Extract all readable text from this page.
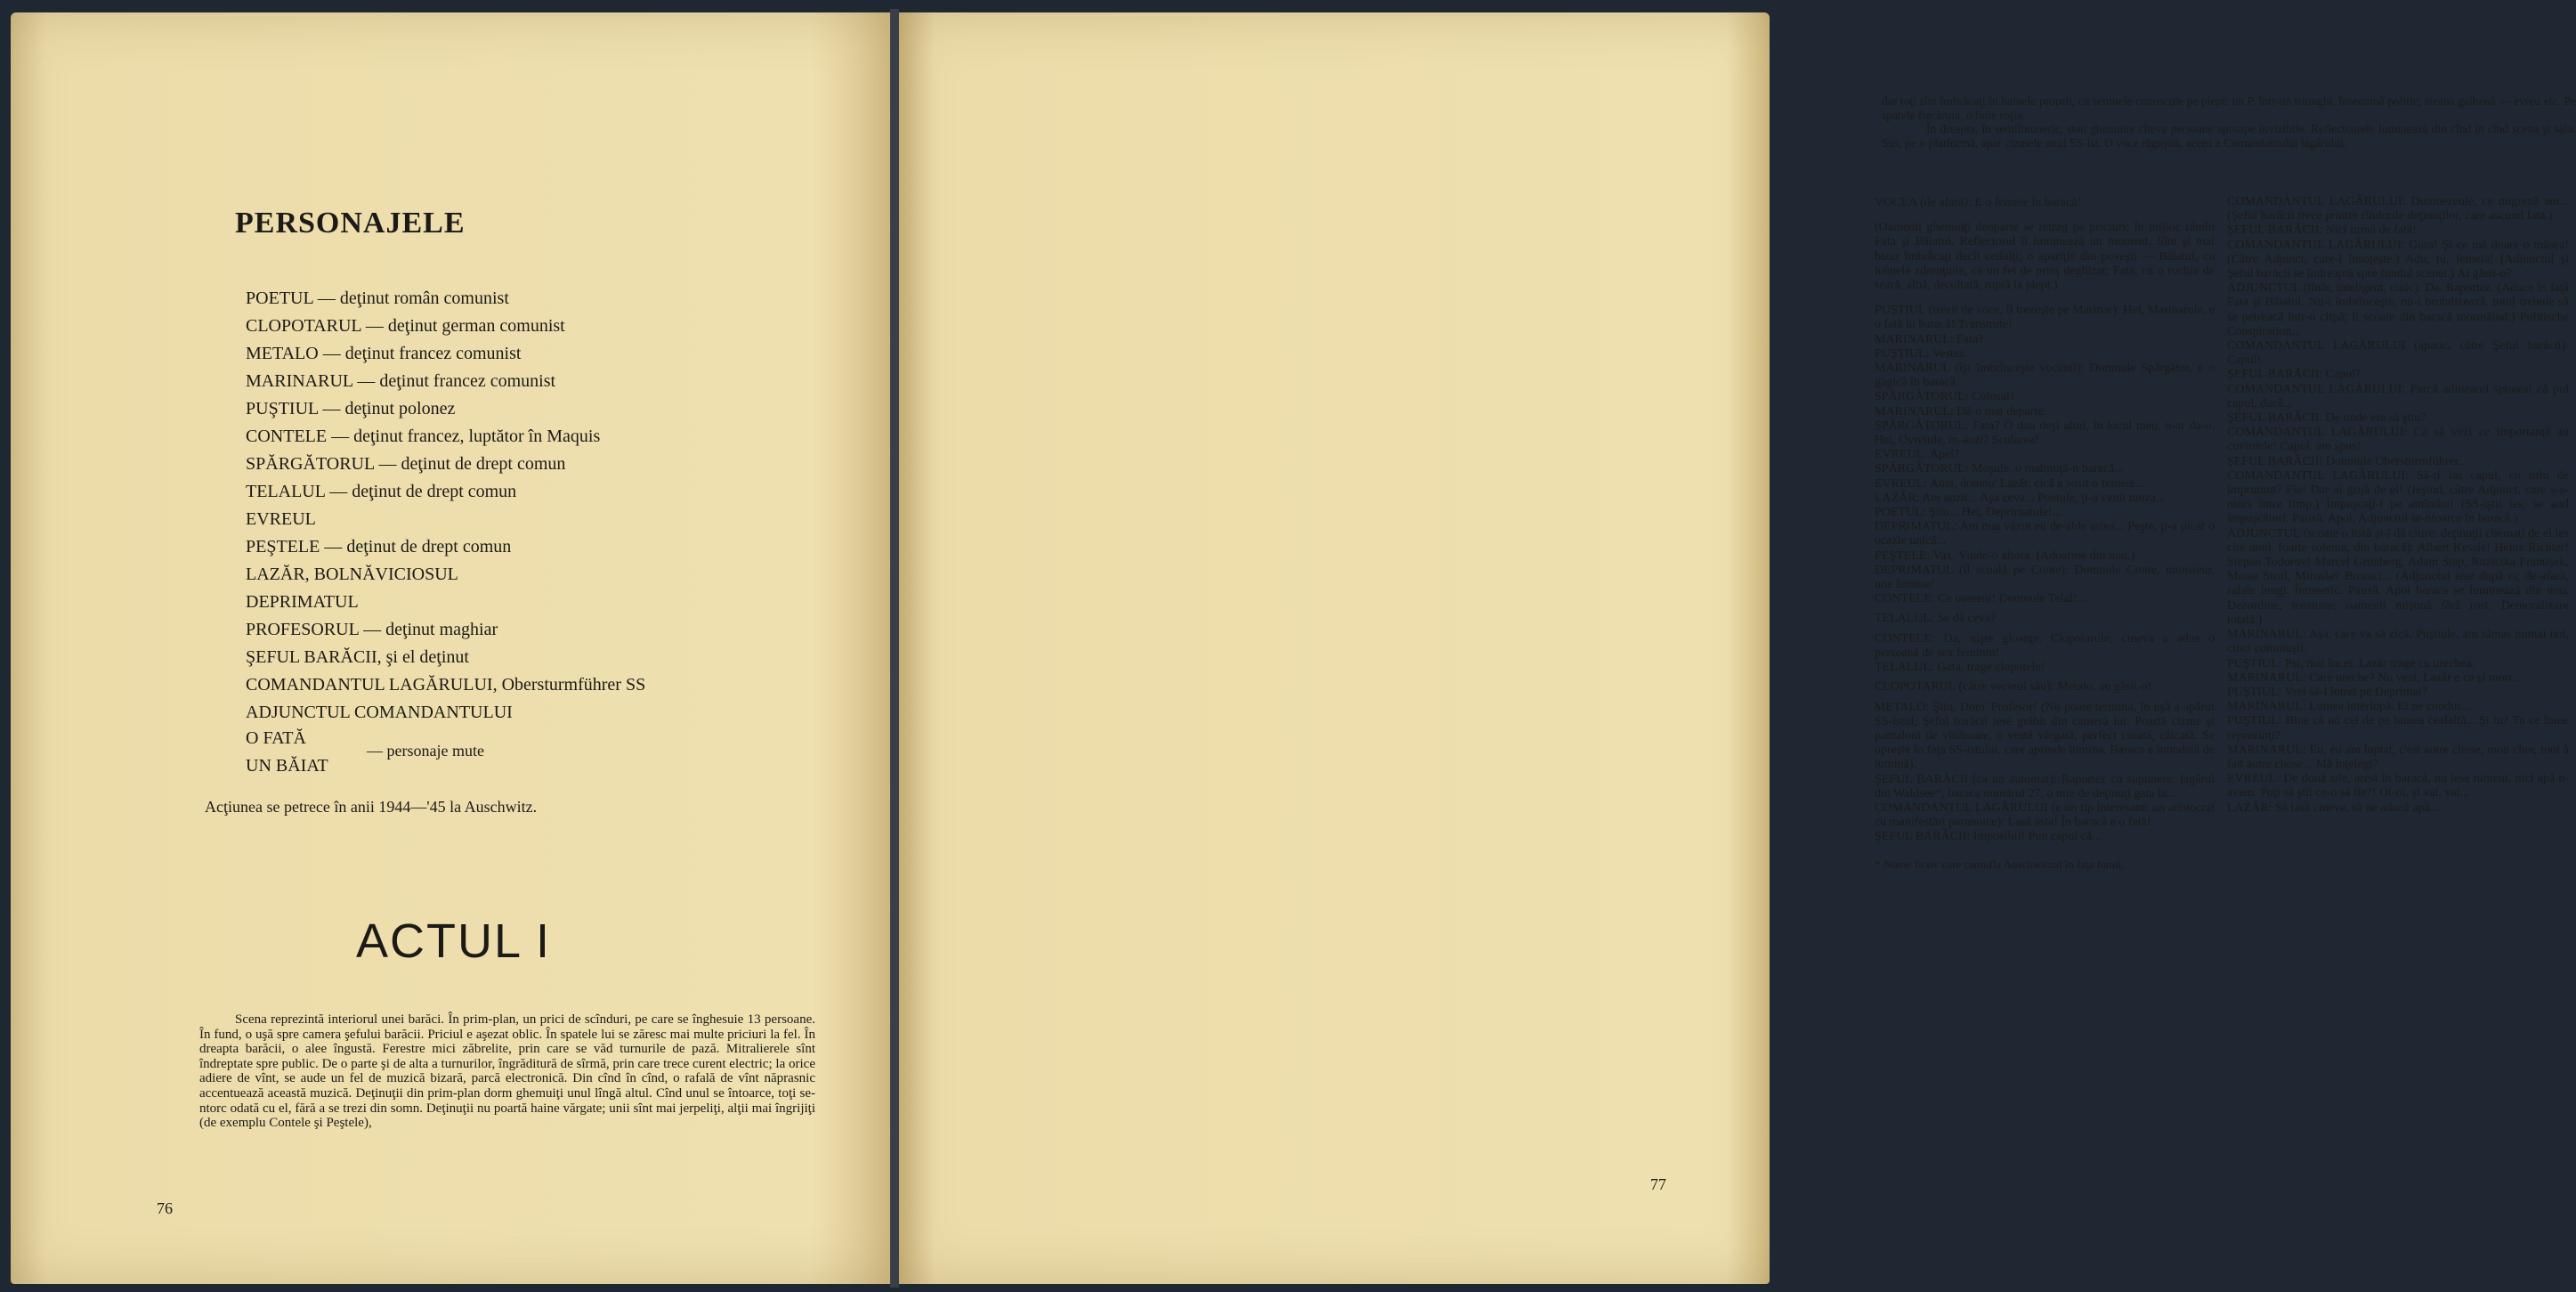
PERSONAJELE
POETUL — deţinut român comunist
CLOPOTARUL — deţinut german comunist
METALO — deţinut francez comunist
MARINARUL — deţinut francez comunist
PUŞTIUL — deţinut polonez
CONTELE — deţinut francez, luptător în Maquis
SPĂRGĂTORUL — deţinut de drept comun
TELALUL — deţinut de drept comun
EVREUL
PEŞTELE — deţinut de drept comun
LAZĂR, BOLNĂVICIOSUL
DEPRIMATUL
PROFESORUL — deţinut maghiar
ŞEFUL BARĂCII, şi el deţinut
COMANDANTUL LAGĂRULUI, Obersturmführer SS
ADJUNCTUL COMANDANTULUI
O FATĂ
UN BĂIAT
— personaje mute

Acţiunea se petrece în anii 1944—'45 la Auschwitz.

ACTUL I

Scena reprezintă interiorul unei barăci. În prim-plan, un prici de scînduri, pe care se înghesuie 13 persoane. În fund, o uşă spre camera şefului barăcii. Priciul e aşezat oblic. În spatele lui se zăresc mai multe priciuri la fel. În dreapta barăcii, o alee îngustă. Ferestre mici zăbrelite, prin care se văd turnurile de pază. Mitralierele sînt îndreptate spre public. De o parte şi de alta a turnurilor, îngrăditură de sîrmă, prin care trece curent electric; la orice adiere de vînt, se aude un fel de muzică bizară, parcă electronică. Din cînd în cînd, o rafală de vînt năprasnic accentuează această muzică. Deţinuţii din prim-plan dorm ghemuiţi unul lîngă altul. Cînd unul se întoarce, toţi se-ntorc odată cu el, fără a se trezi din somn. Deţinuţii nu poartă haine vărgate; unii sînt mai jerpeliţi, alţii mai îngrijiţi (de exemplu Contele şi Peştele),

76

dar toţi sînt îmbrăcaţi în hainele proprii, cu semnele cunoscute pe piept: un P, într-un triunghi, înseamnă politic; steaua galbenă — evreu etc. Pe spatele fiecăruia, o linie roşie.

În dreapta, în semiîntuneric, stau ghemuite cîteva persoane aproape invizibile. Reflectoarele luminează din cînd în cînd scena şi sala. Sus, pe o platformă, apar cizmele unui SS-ist. O voce răguşită, aceea a Comandantului lagărului.

VOCEA (de afară): E o femeie în baracă!

(Oamenii ghemuiţi deoparte se retrag pe priciuri; în mijloc rămîn Fata şi Băiatul. Reflectorul îi luminează un moment. Sînt şi mai bizar îmbrăcaţi decît ceilalţi; o apariţie din poveşti — Băiatul, cu hainele zdrenţuite, ca un fel de prinţ deghizat; Fata, cu o rochie de seară, albă, decoltată, ruptă la piept.)

PUŞTIUL (trezit de voce, îl trezeşte pe Marinar): Hei, Marinarule, e o fată în baracă! Transmite!

MARINARUL: Fata?

PUŞTIUL: Vestea.

MARINARUL (îşi îmbrînceşte vecinul): Domnule Spărgător, e o gagică în baracă.

SPĂRGĂTORUL: Colosal!

MARINARUL: Dă-o mai departe.

SPĂRGĂTORUL: Fata? O dau deşi altul, în locul meu, n-ar da-o. Hei, Ovreiule, m-auzi? Scularea!

EVREUL: Apel?

SPĂRGĂTORUL: Moşule, o maimuţă-n baracă...

EVREUL: Auzi, domnu' Lazăr, cică a sosit o femeie...

LAZĂR: Am auzit... Aşa ceva... Poetule, ţi-a venit muza...

POETUL: Ştiu... Hei, Deprimatule!...

DEPRIMATUL: Am mai văzut eu de-alde astea... Peşte, ţi-a picat o ocazie unică...

PEŞTELE: Vax. Vinde-o altora. (Adoarme din nou.)

DEPRIMATUL (îl scoală pe Conte): Domnule Conte, monsieur, une femme!

CONTELE: Ce oameni! Domnule Telal!...

TELALUL: Se dă ceva?

CONTELE: Da, nişte gloanţe. Clopotarule, cineva a adus o persoană de sex feminin!

TELALUL: Gata, trage clopotele!

CLOPOTARUL (către vecinul său): Metalo, au găsit-o!

METALO: Ştiu, Dom' Profesor! (Nu poate termina, în uşă a apărut SS-istul; Şeful barăcii iese grăbit din camera lui. Poartă cizme şi pantaloni de vînătoare, o vestă vărgată, perfect curată, călcată. Se opreşte în faţa SS-istului, care aprinde lumina. Baraca e inundată de lumină).

ŞEFUL BARĂCII (ca un automat): Raportez cu supunere: lagărul din Waldsee*, baraca numărul 27, o mie de deţinuţi gata la...

COMANDANTUL LAGĂRULUI (e un tip interesant: un aristocrat cu manifestări paranoice): Lasă asta! În baracă e o fată!

ŞEFUL BARĂCII: Imposibil! Pun capul că...

* Nume fictiv care camufla Auschwitzul în faţa lumii.

COMANDANTUL LAGĂRULUI: Dumnezeule, ce migrenă am... (Şeful barăcii trece printre rîndurile deţinuţilor, care ascund fata.)

ŞEFUL BARĂCII: Nici urmă de fată!

COMANDANTUL LAGĂRULUI: Gura! Şi ce mă doare o măsea! (Către Adjunct, care-l însoţeşte.) Adu, tu, femeia! (Adjunctul şi Şeful barăcii se îndreaptă spre fundul scenei.) Ai găsit-o?

ADJUNCTUL (tînăr, inteligent, cinic): Da. Raportez. (Aduce în faţă Fata şi Băiatul. Nu-i îmbrînceşte, nu-i brutalizează, totul trebuie să se petreacă într-o clipă; îi scoate din baracă mormăind.) Politische Conspiration...

COMANDANTUL LAGĂRULUI (apatic, către Şeful barăcii): Capul!

ŞEFUL BARĂCII: Capul?

COMANDANTUL LAGĂRULUI: Parcă adineaori spuneai că pui capul, dacă...

ŞEFUL BARĂCII: De unde era să ştiu?

COMANDANTUL LAGĂRULUI: Ca să vezi ce importanţă au cuvintele! Capul, am spus!

ŞEFUL BARĂCII: Domnule Obersturmführer...

COMANDANTUL LAGĂRULUI: Să-ţi las capul, cu titlu de împrumut? Fie! Dar ai grijă de el! (Ieşind, către Adjunct, care s-a-ntors între timp.) Împuşcaţi-i pe amîndoi! (SS-iştii ies; se aud împuşcături. Pauză. Apoi, Adjunctul se-ntoarce în baracă.)

ADJUNCTUL (scoate o listă şi-i dă citire: deţinuţii chemaţi de el ies cîte unul, foarte solemn, din baracă): Albert Kessie! Heinz Richter! Stepan Todorov! Marcel Grünberg, Adam Stap, Ruzicika Frantişek, Moise Strul, Miroslav Bronici... (Adjunctul iese după ei; de-afară, rafale lungi. Întuneric. Pauză. Apoi baraca se luminează din nou. Dezordine, tensiune; oamenii mişună fără rost. Demoralizare totală.)

MARINARUL: Aşa, care va să zică, Puştiule, am rămas numai noi, cinci comunişti.

PUŞTIUL: Pst, mai încet. Lazăr trage cu urechea.

MARINARUL: Care ureche? Nu vezi, Lazăr e ca şi mort...

PUŞTIUL: Vrei să-l întrei pe Deprimat?

MARINARUL: Lumea interlopă. Ei ne conduc...

PUŞTIUL: Bine că nu cei de pe lumea cealaltă... Şi tu? Tu ce lume reprezinţi?

MARINARUL: Eu, eu am luptat, c'est autre chose, mon cher, tout à fait autre chose... Mă înţelegi?

EVREUL: De două zile, arest în baracă, nu iese nimeni, nici apă n-avem. Poţi să ştii ce-o să fie?! Oi-oi, şi vai, vai...

LAZĂR: Să iasă cineva, să ne aducă apă...

77
